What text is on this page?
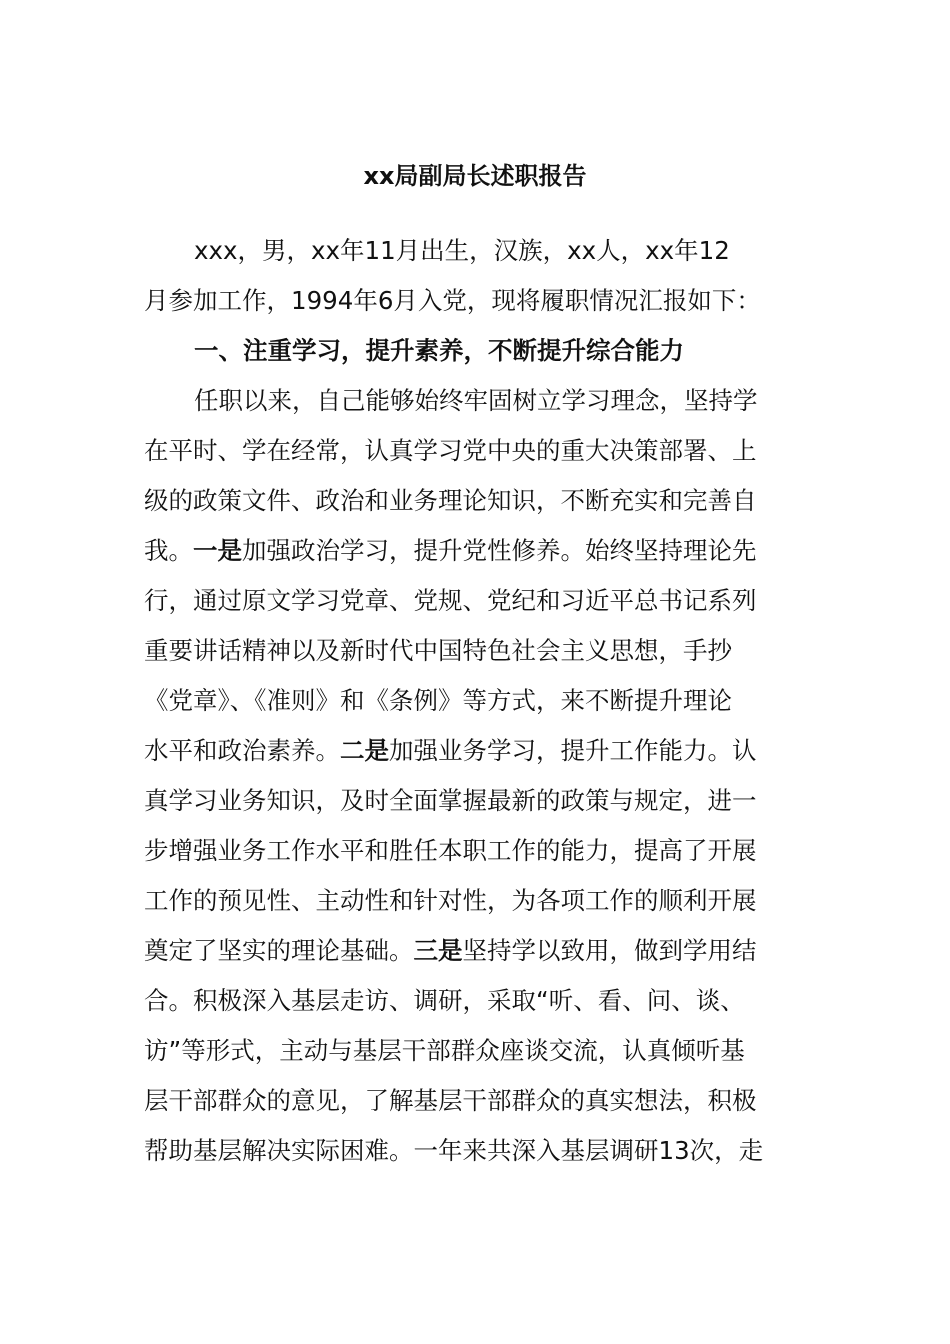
xx局副局长述职报告

xxx，男，xx年11月出生，汉族，xx人，xx年12

月参加工作，1994年6月入党，现将履职情况汇报如下：

一、注重学习，提升素养，不断提升综合能力

任职以来，自己能够始终牢固树立学习理念，坚持学

在平时、学在经常，认真学习党中央的重大决策部署、上

级的政策文件、政治和业务理论知识，不断充实和完善自

我。一是加强政治学习，提升党性修养。始终坚持理论先

行，通过原文学习党章、党规、党纪和习近平总书记系列

重要讲话精神以及新时代中国特色社会主义思想，手抄

《党章》、《准则》和《条例》等方式，来不断提升理论

水平和政治素养。二是加强业务学习，提升工作能力。认

真学习业务知识，及时全面掌握最新的政策与规定，进一

步增强业务工作水平和胜任本职工作的能力，提高了开展

工作的预见性、主动性和针对性，为各项工作的顺利开展

奠定了坚实的理论基础。三是坚持学以致用，做到学用结

合。积极深入基层走访、调研，采取“听、看、问、谈、

访”等形式，主动与基层干部群众座谈交流，认真倾听基

层干部群众的意见，了解基层干部群众的真实想法，积极

帮助基层解决实际困难。一年来共深入基层调研13次，走
